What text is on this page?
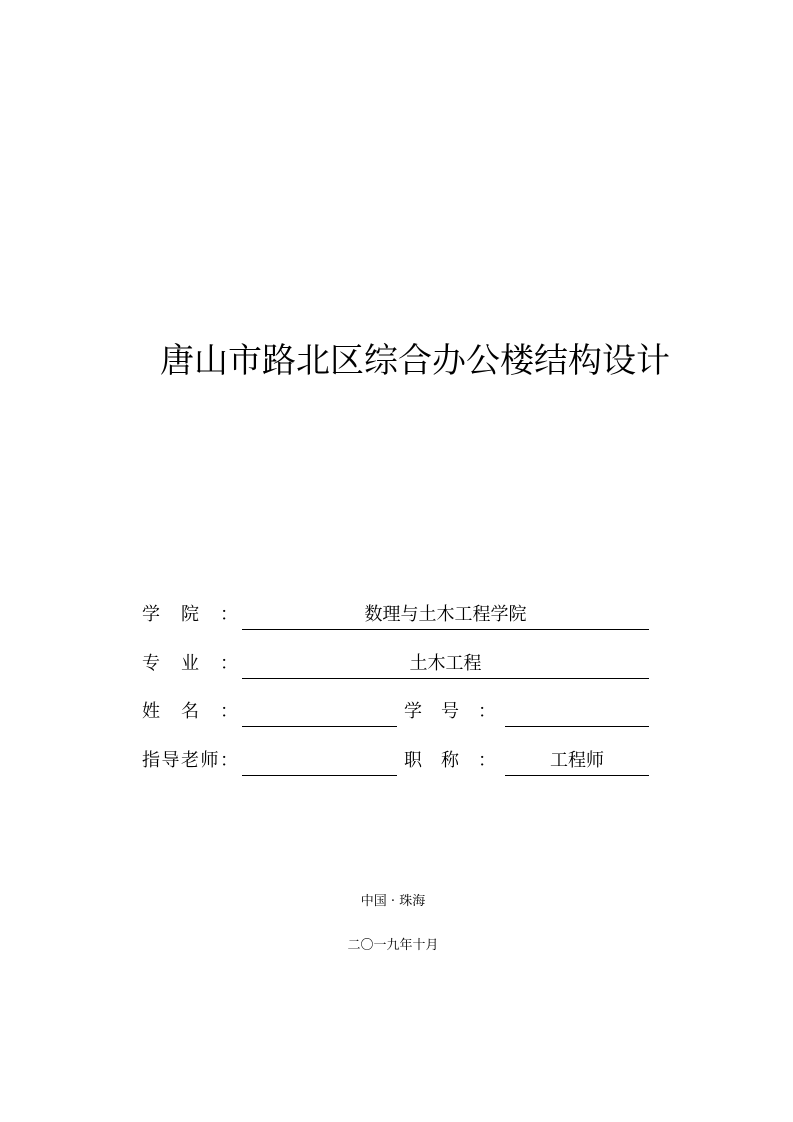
唐山市路北区综合办公楼结构设计
学 院 ：	数理与土木工程学院
专 业 ：	土木工程
姓 名 ：	学 号 ：
指 导 老 师 ：	职 称 ：	工程师
中国 · 珠海
二〇一九年十月
